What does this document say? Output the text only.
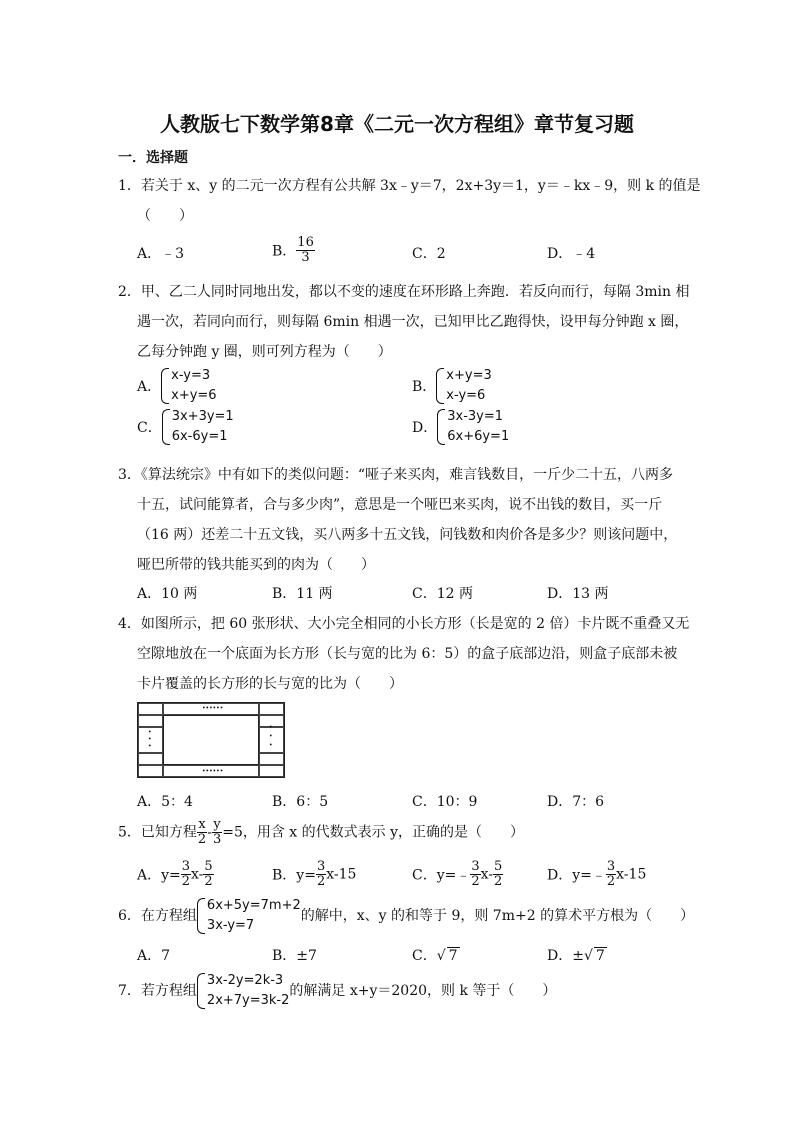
人教版七下数学第8章《二元一次方程组》章节复习题
一．选择题
1．若关于 x、y 的二元一次方程有公共解 3x﹣y＝7，2x+3y＝1，y＝﹣kx﹣9，则 k 的值是
（　　）
A．﹣3	B． $\frac{16}{3}$	C．2	D．﹣4
2．甲、乙二人同时同地出发，都以不变的速度在环形路上奔跑．若反向而行，每隔 3min 相
遇一次，若同向而行，则每隔 6min 相遇一次，已知甲比乙跑得快，设甲每分钟跑 x 圈，
乙每分钟跑 y 圈，则可列方程为（　　）
A．
x-y=3
x+y=6
B．
x+y=3
x-y=6
C．
3x+3y=1
6x-6y=1
D．
3x-3y=1
6x+6y=1
3．《算法统宗》中有如下的类似问题：“哑子来买肉，难言钱数目，一斤少二十五，八两多
十五，试问能算者，合与多少肉”，意思是一个哑巴来买肉，说不出钱的数目，买一斤
（16 两）还差二十五文钱，买八两多十五文钱，问钱数和肉价各是多少？则该问题中，
哑巴所带的钱共能买到的肉为（　　）
A．10 两	B．11 两	C．12 两	D．13 两
4．如图所示，把 60 张形状、大小完全相同的小长方形（长是宽的 2 倍）卡片既不重叠又无
空隙地放在一个底面为长方形（长与宽的比为 6：5）的盒子底部边沿，则盒子底部未被
卡片覆盖的长方形的长与宽的比为（　　）
••••••
••••••
•••
•••
A．5：4	B．6：5	C．10：9	D．7：6
5．已知方程 $\frac{x}{2} - \frac{y}{3} =5$，用含 x 的代数式表示 y，正确的是（　　）
A．$y= \frac{3}{2} x- \frac{5}{2}$	B．$y= \frac{3}{2} x-15$	C．y=﹣ $\frac{3}{2} x- \frac{5}{2}$	D．y=﹣ $\frac{3}{2} x-15$
6．在方程组
6x+5y=7m+2
3x-y=7
的解中，x、y 的和等于 9，则 7m+2 的算术平方根为（　　）
A．7	B．±7	C．√ 7	D．±√ 7
7．若方程组
3x-2y=2k-3
2x+7y=3k-2
的解满足 x+y＝2020，则 k 等于（　　）
